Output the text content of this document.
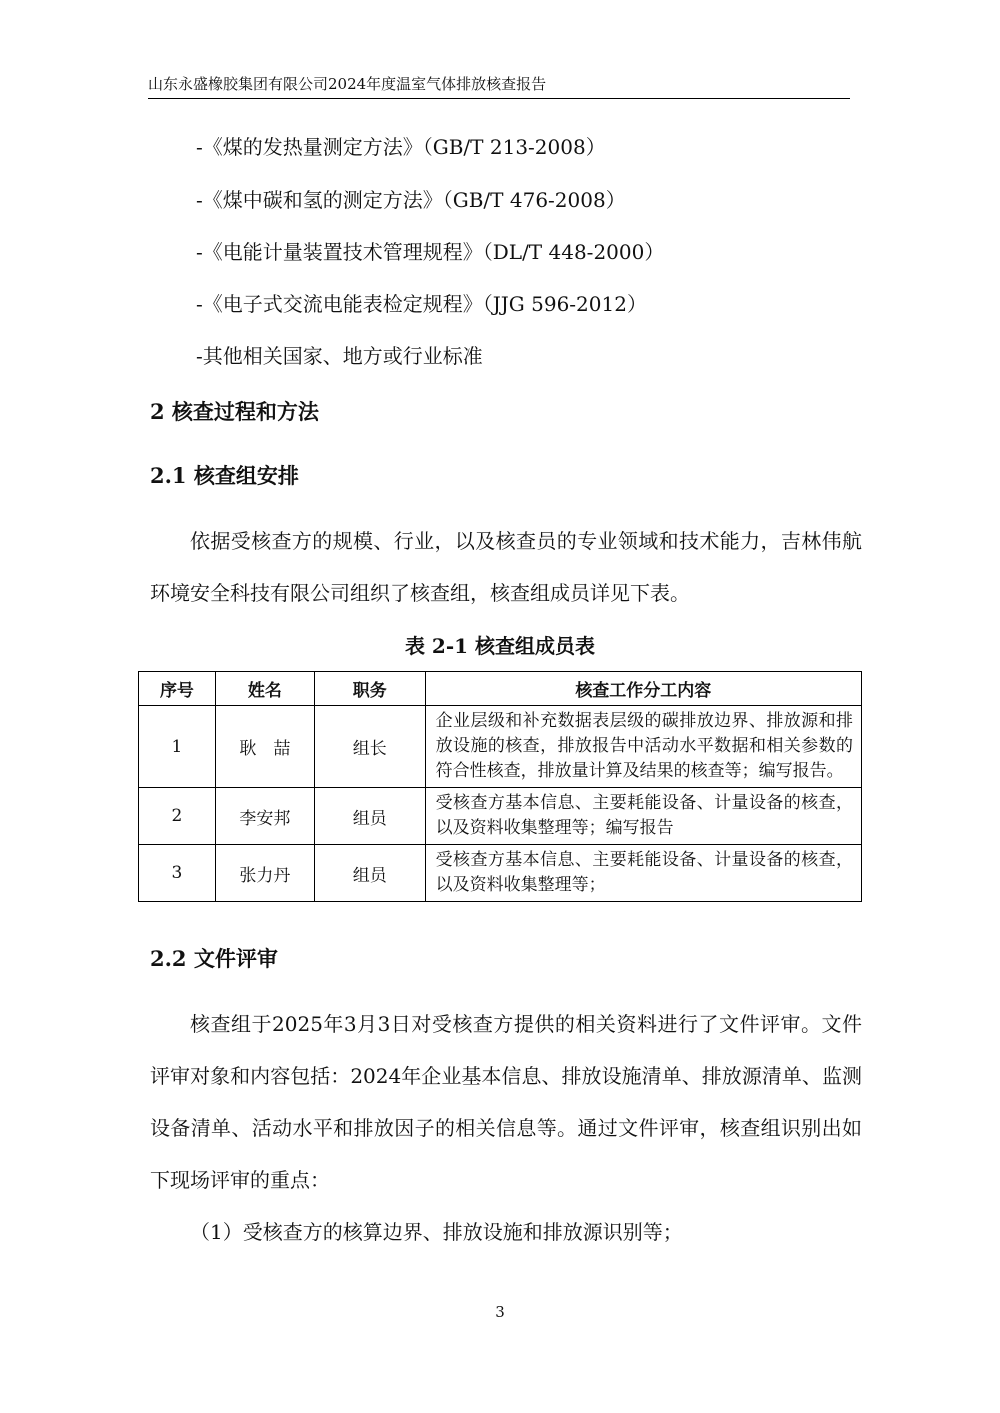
山东永盛橡胶集团有限公司2024年度温室气体排放核查报告
-《煤的发热量测定方法》（GB/T 213-2008）
-《煤中碳和氢的测定方法》（GB/T 476-2008）
-《电能计量装置技术管理规程》（DL/T 448-2000）
-《电子式交流电能表检定规程》（JJG 596-2012）
-其他相关国家、地方或行业标准
2 核查过程和方法
2.1 核查组安排
依据受核查方的规模、行业，以及核查员的专业领域和技术能力，吉林伟航环境安全科技有限公司组织了核查组，核查组成员详见下表。
表 2-1 核查组成员表
序号	姓名	职务	核查工作分工内容
1	耿　喆	组长	企业层级和补充数据表层级的碳排放边界、排放源和排放设施的核查，排放报告中活动水平数据和相关参数的符合性核查，排放量计算及结果的核查等；编写报告。
2	李安邦	组员	受核查方基本信息、主要耗能设备、计量设备的核查，以及资料收集整理等；编写报告
3	张力丹	组员	受核查方基本信息、主要耗能设备、计量设备的核查，以及资料收集整理等；
2.2 文件评审
核查组于2025年3月3日对受核查方提供的相关资料进行了文件评审。文件评审对象和内容包括：2024年企业基本信息、排放设施清单、排放源清单、监测设备清单、活动水平和排放因子的相关信息等。通过文件评审，核查组识别出如下现场评审的重点：
（1）受核查方的核算边界、排放设施和排放源识别等；
3
